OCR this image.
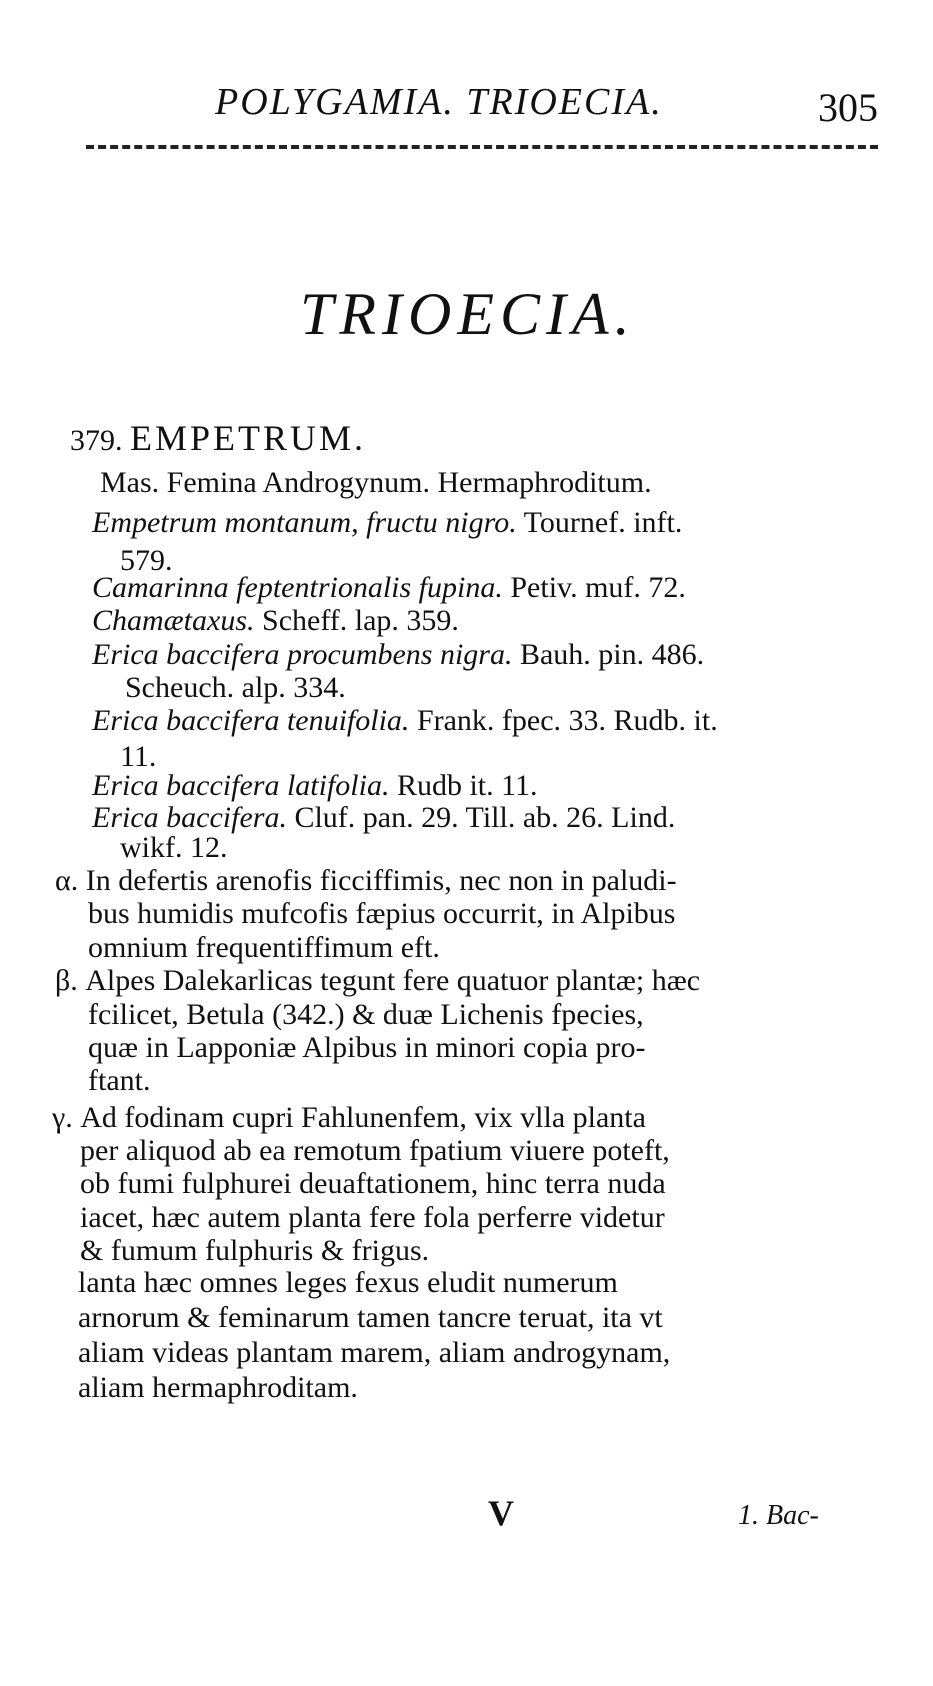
POLYGAMIA. TRIOECIA.	305
TRIOECIA.
379. EMPETRUM.
Mas. Femina Androgynum. Hermaphroditum.
Empetrum montanum, fructu nigro. Tournef. inft.
579.
Camarinna feptentrionalis fupina. Petiv. muf. 72.
Chamætaxus. Scheff. lap. 359.
Erica baccifera procumbens nigra. Bauh. pin. 486.
Scheuch. alp. 334.
Erica baccifera tenuifolia. Frank. fpec. 33. Rudb. it.
11.
Erica baccifera latifolia. Rudb it. 11.
Erica baccifera. Cluf. pan. 29. Till. ab. 26. Lind.
wikf. 12.
α. In defertis arenofis ficciffimis, nec non in paludi-
bus humidis mufcofis fæpius occurrit, in Alpibus
omnium frequentiffimum eft.
β. Alpes Dalekarlicas tegunt fere quatuor plantæ; hæc
fcilicet, Betula (342.) & duæ Lichenis fpecies,
quæ in Lapponiæ Alpibus in minori copia pro-
ftant.
γ. Ad fodinam cupri Fahlunenfem, vix vlla planta
per aliquod ab ea remotum fpatium viuere poteft,
ob fumi fulphurei deuaftationem, hinc terra nuda
iacet, hæc autem planta fere fola perferre videtur
& fumum fulphuris & frigus.
lanta hæc omnes leges fexus eludit numerum
arnorum & feminarum tamen tancre teruat, ita vt
aliam videas plantam marem, aliam androgynam,
aliam hermaphroditam.
V	1. Bac-
